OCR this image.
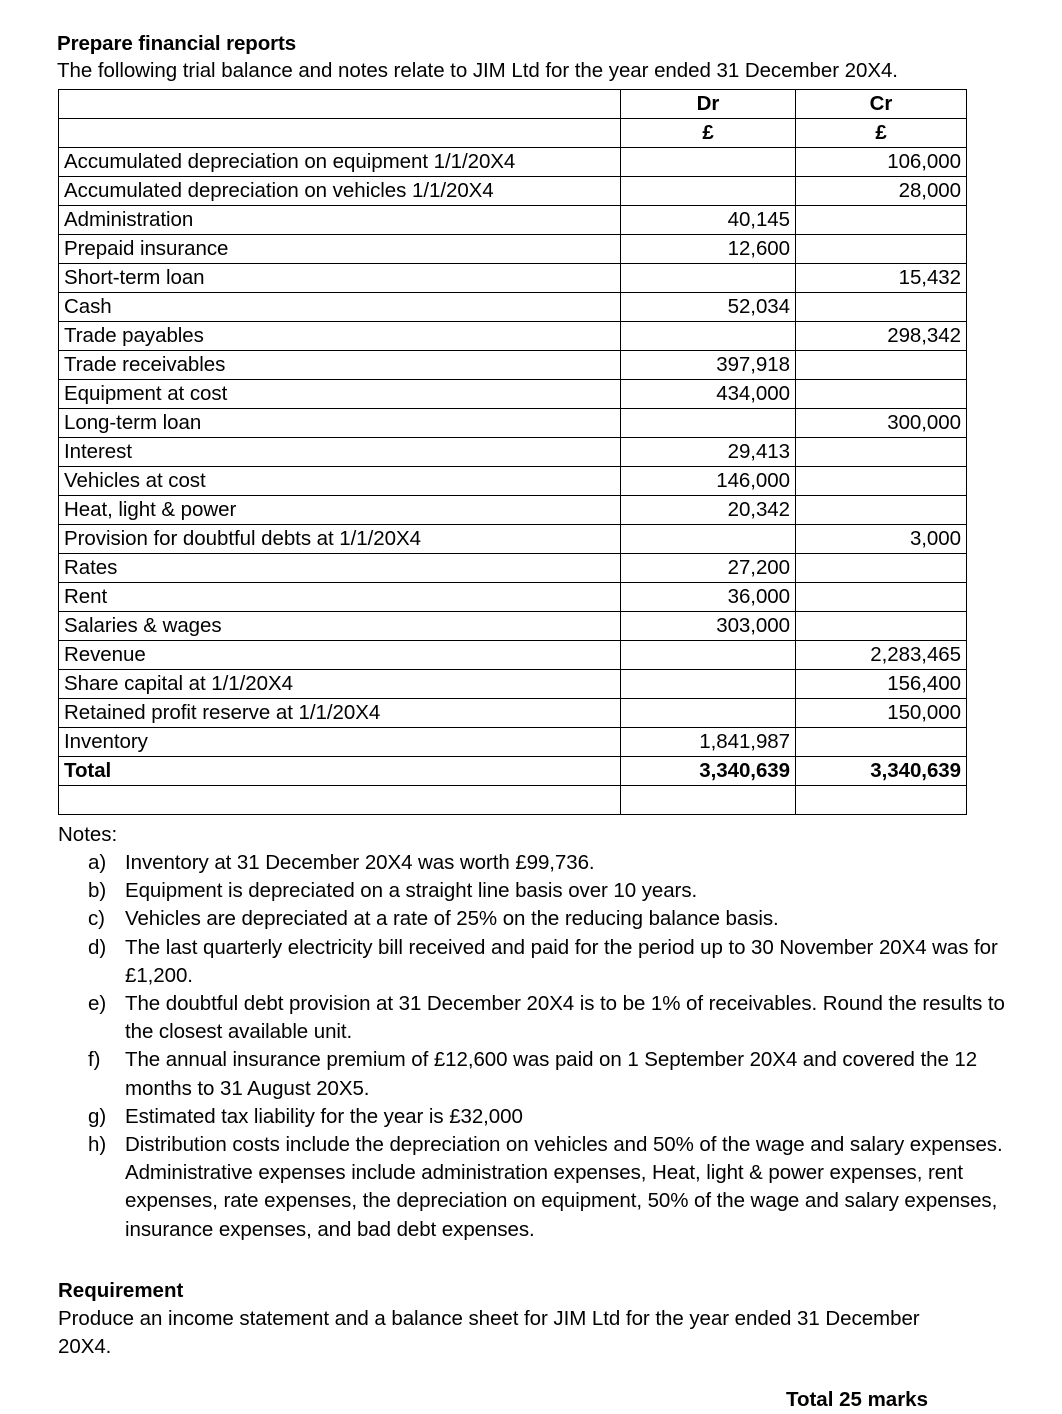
Prepare financial reports

The following trial balance and notes relate to JIM Ltd for the year ended 31 December 20X4.

	Dr	Cr
	£	£
Accumulated depreciation on equipment 1/1/20X4		106,000
Accumulated depreciation on vehicles 1/1/20X4		28,000
Administration	40,145	
Prepaid insurance	12,600	
Short-term loan		15,432
Cash	52,034	
Trade payables		298,342
Trade receivables	397,918	
Equipment at cost	434,000	
Long-term loan		300,000
Interest	29,413	
Vehicles at cost	146,000	
Heat, light & power	20,342	
Provision for doubtful debts at 1/1/20X4		3,000
Rates	27,200	
Rent	36,000	
Salaries & wages	303,000	
Revenue		2,283,465
Share capital at 1/1/20X4		156,400
Retained profit reserve at 1/1/20X4		150,000
Inventory	1,841,987	
Total	3,340,639	3,340,639

Notes:

a) Inventory at 31 December 20X4 was worth £99,736.
b) Equipment is depreciated on a straight line basis over 10 years.
c) Vehicles are depreciated at a rate of 25% on the reducing balance basis.
d) The last quarterly electricity bill received and paid for the period up to 30 November 20X4 was for £1,200.
e) The doubtful debt provision at 31 December 20X4 is to be 1% of receivables. Round the results to the closest available unit.
f)	The annual insurance premium of £12,600 was paid on 1 September 20X4 and covered the 12 months to 31 August 20X5.
g) Estimated tax liability for the year is £32,000
h) Distribution costs include the depreciation on vehicles and 50% of the wage and salary expenses. Administrative expenses include administration expenses, Heat, light & power expenses, rent expenses, rate expenses, the depreciation on equipment, 50% of the wage and salary expenses, insurance expenses, and bad debt expenses.

Requirement

Produce an income statement and a balance sheet for JIM Ltd for the year ended 31 December 20X4.

Total 25 marks
